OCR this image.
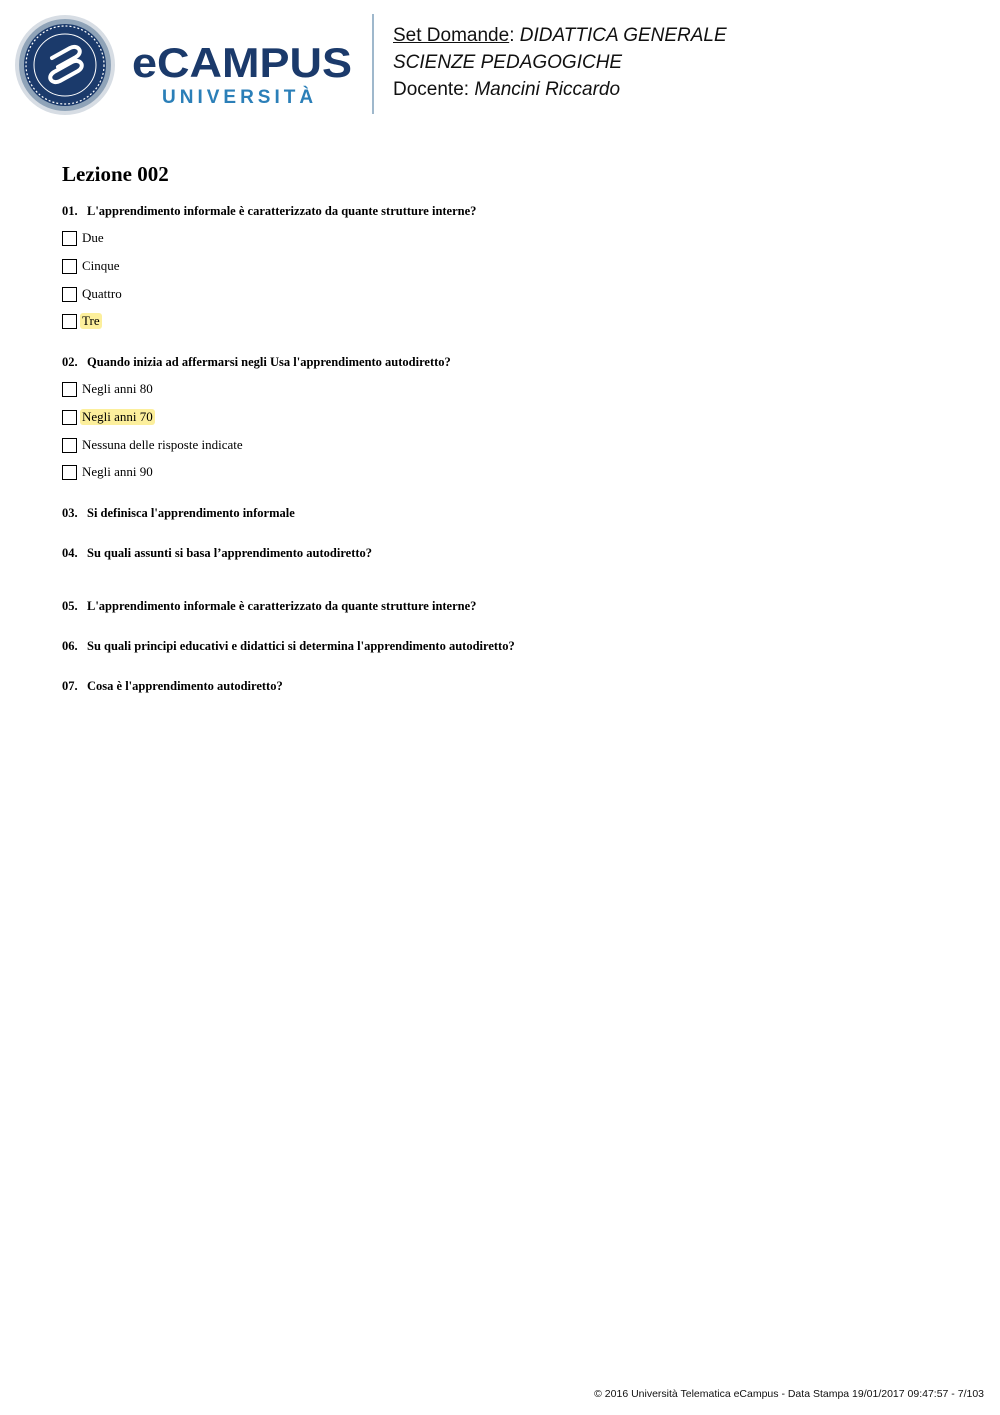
eCAMPUS
UNIVERSITÀ
Set Domande: DIDATTICA GENERALE
SCIENZE PEDAGOGICHE
Docente: Mancini Riccardo
Lezione 002
01. L'apprendimento informale è caratterizzato da quante strutture interne?
Due
Cinque
Quattro
Tre
02. Quando inizia ad affermarsi negli Usa l'apprendimento autodiretto?
Negli anni 80
Negli anni 70
Nessuna delle risposte indicate
Negli anni 90
03. Si definisca l'apprendimento informale
04. Su quali assunti si basa l’apprendimento autodiretto?
05. L'apprendimento informale è caratterizzato da quante strutture interne?
06. Su quali principi educativi e didattici si determina l'apprendimento autodiretto?
07. Cosa è l'apprendimento autodiretto?
© 2016 Università Telematica eCampus - Data Stampa 19/01/2017 09:47:57 - 7/103
